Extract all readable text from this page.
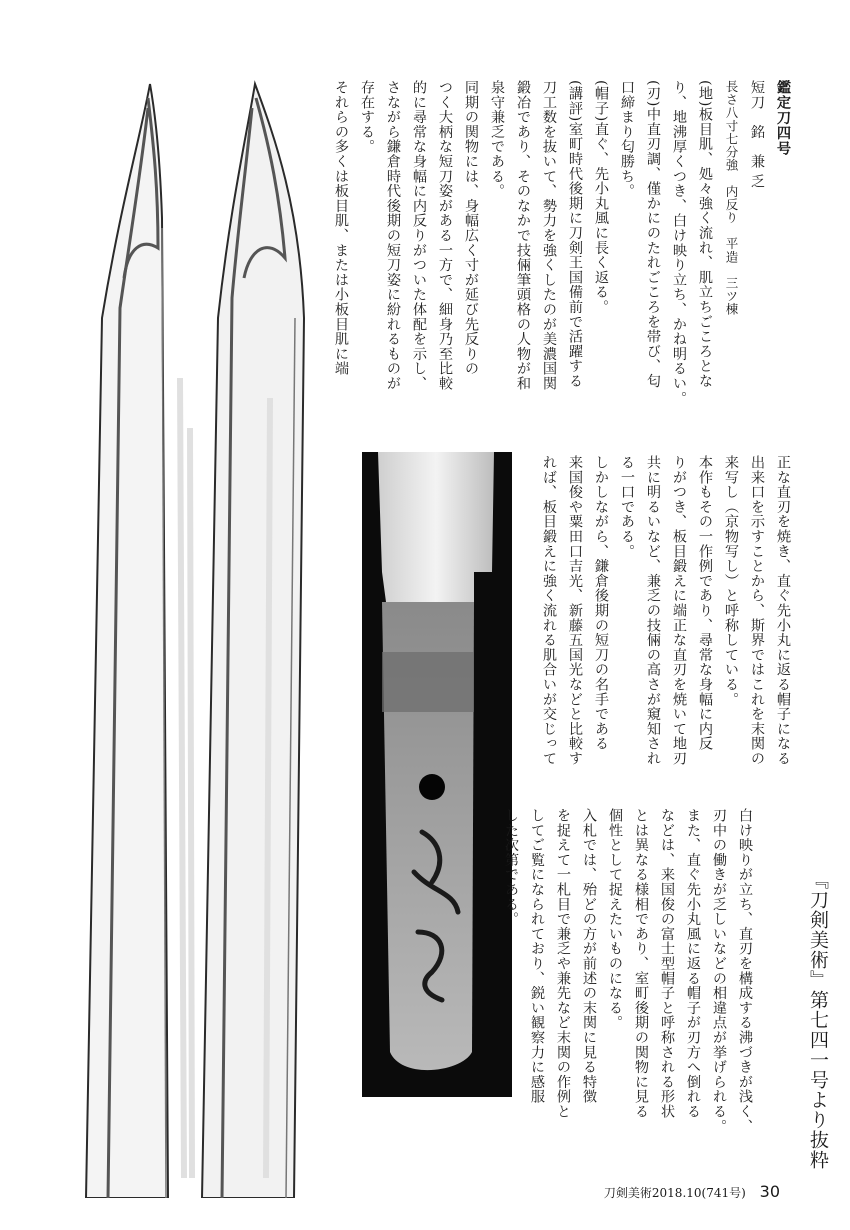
鑑定刀四号
短刀　銘　兼 乏
長さ八寸七分強　内反り　平造　三ツ棟
(地)板目肌、処々強く流れ、肌立ちごころとな
り、地沸厚くつき、白け映り立ち、かね明るい。
(刃)中直刃調、僅かにのたれごころを帯び、匂
口締まり匂勝ち。
(帽子)直ぐ、先小丸風に長く返る。
(講評)室町時代後期に刀剣王国備前で活躍する
刀工数を抜いて、勢力を強くしたのが美濃国関
鍛冶であり、そのなかで技倆筆頭格の人物が和
泉守兼乏である。
同期の関物には、身幅広く寸が延び先反りの
つく大柄な短刀姿がある一方で、細身乃至比較
的に尋常な身幅に内反りがついた体配を示し、
さながら鎌倉時代後期の短刀姿に紛れるものが
存在する。
それらの多くは板目肌、または小板目肌に端
正な直刃を焼き、直ぐ先小丸に返る帽子になる
出来口を示すことから、斯界ではこれを末関の
来写し（京物写し）と呼称している。
本作もその一作例であり、尋常な身幅に内反
りがつき、板目鍛えに端正な直刃を焼いて地刃
共に明るいなど、兼乏の技倆の高さが窺知され
る一口である。
しかしながら、鎌倉後期の短刀の名手である
来国俊や粟田口吉光、新藤五国光などと比較す
れば、板目鍛えに強く流れる肌合いが交じって
白け映りが立ち、直刃を構成する沸づきが浅く、
刃中の働きが乏しいなどの相違点が挙げられる。
また、直ぐ先小丸風に返る帽子が刃方へ倒れる
などは、来国俊の富士型帽子と呼称される形状
とは異なる様相であり、室町後期の関物に見る
個性として捉えたいものになる。
入札では、殆どの方が前述の末関に見る特徴
を捉えて一札目で兼乏や兼先など末関の作例と
してご覧になられており、鋭い観察力に感服
した次第である。
『刀剣美術』第七四一号より抜粋
刀剣美術2018.10(741号) 30
